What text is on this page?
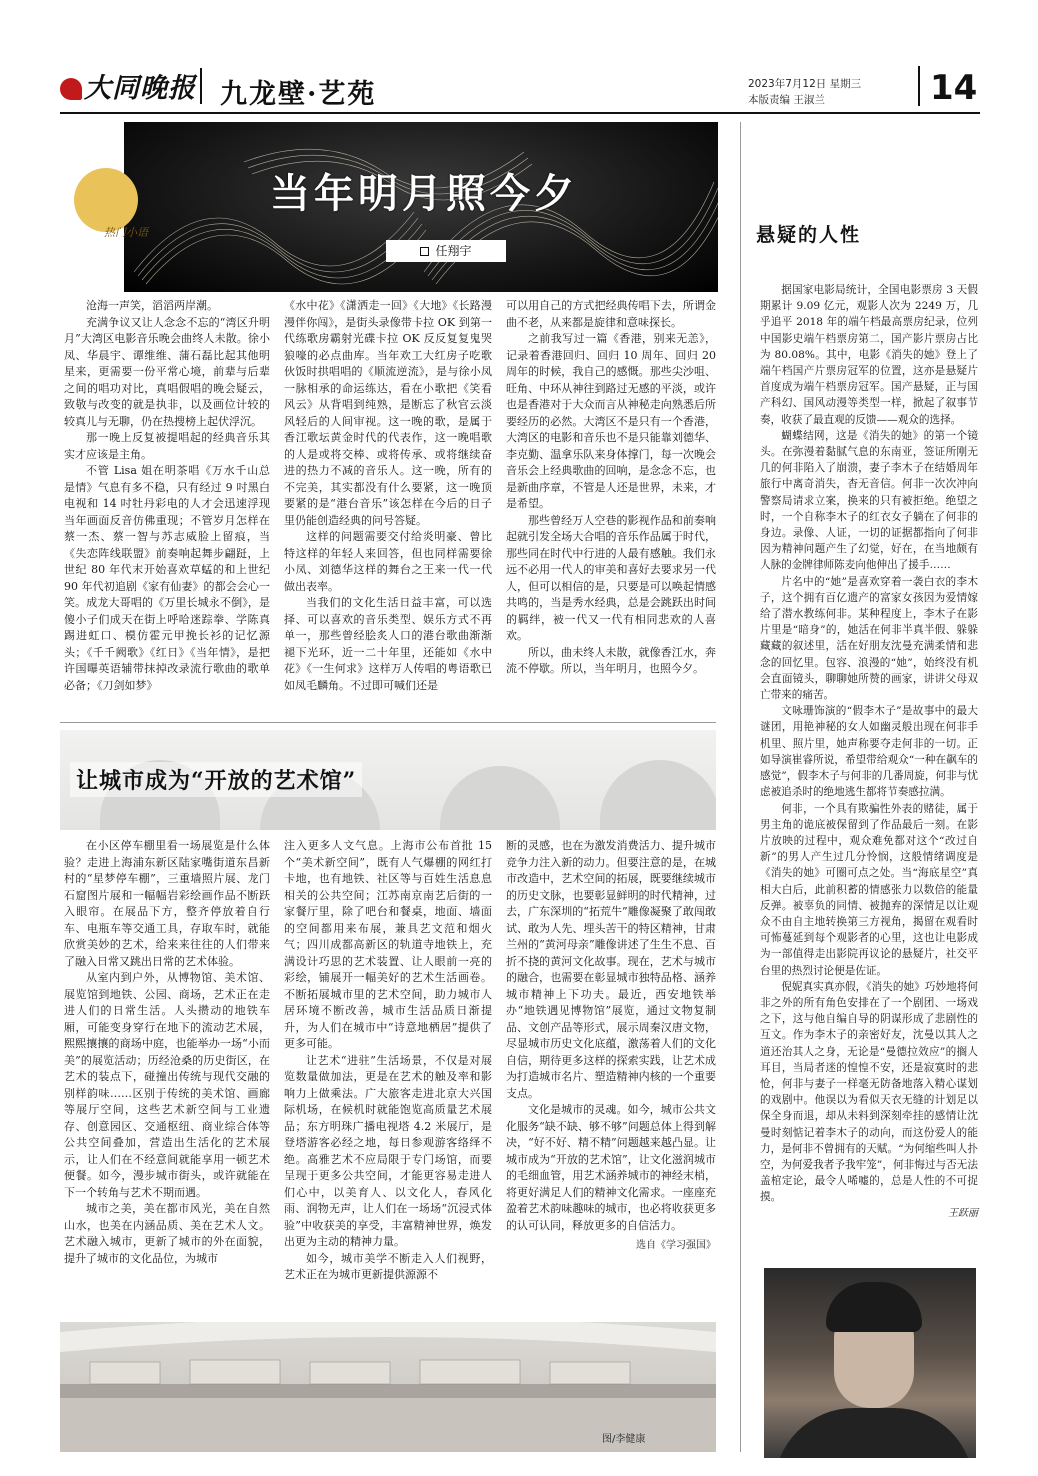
大同晚报 九龙壁·艺苑	2023年7月12日 星期三
本版责编 王淑兰	14
当年明月照今夕
任翔宇
热门小语

沧海一声笑，滔滔两岸潮。

充满争议又让人念念不忘的“湾区升明月”大湾区电影音乐晚会曲终人未散。徐小凤、华晨宇、谭维维、蒲石磊比起其他明星来，更需要一份平常心境，前辈与后辈之间的唱功对比，真唱假唱的晚会疑云，致敬与改变的就是执非，以及画位计较的较真儿与无聊，仍在热搜榜上起伏浮沉。

那一晚上反复被提唱起的经典音乐其实才应该是主角。

不管 Lisa 姐在明茶唱《万水千山总是情》气息有多不稳，只有经过 9 吋黑白电视和 14 吋牡丹彩电的人才会迅速浮现当年画面反音仿佛重现；不管岁月怎样在蔡一杰、蔡一智与苏志威脸上留痕，当《失恋阵线联盟》前奏响起舞步翩跹，上世纪 80 年代末开始喜欢草蜢的和上世纪 90 年代初追剧《家有仙妻》的都会会心一笑。成龙大哥唱的《万里长城永不倒》，是傻小子们成天在街上呼哈迷踪拳、学陈真踢进虹口、模仿霍元甲挽长衫的记忆源头；《千千阙歌》《红日》《当年情》，是把许国曝英语辅带抹掉改录流行歌曲的歌单必备；《刀剑如梦》

《水中花》《潇洒走一回》《大地》《长路漫漫伴你闯》，是街头录像带卡拉 OK 到第一代练歌房霸射光碟卡拉 OK 反反复复鬼哭狼嚎的必点曲库。当年欢工大红房子吃歌伙饭时拱唱唱的《顺流逆流》，是与徐小凤一脉相承的命运练达，看在小歌把《笑看风云》从背唱到纯熟，是断忘了秋官云淡风轻后的人间审视。这一晚的歌，是属于香江歌坛黄金时代的代表作，这一晚唱歌的人是或将交棒、或将传承、或将继续奋进的热力不减的音乐人。这一晚，所有的不完美，其实都没有什么要紧，这一晚顶要紧的是“港台音乐”该怎样在今后的日子里仍能创造经典的问号答疑。

这样的问题需要交付给炎明豪、曾比特这样的年轻人来回答，但也同样需要徐小凤、刘德华这样的舞台之王来一代一代做出表率。

当我们的文化生活日益丰富，可以选择、可以喜欢的音乐类型、娱乐方式不再单一，那些曾经脍炙人口的港台歌曲渐渐褪下光环，近一二十年里，还能如《水中花》《一生何求》这样万人传唱的粤语歌已如凤毛麟角。不过即可喊们还是

可以用自己的方式把经典传唱下去，所谓金曲不老，从来都是旋律和意味探长。

之前我写过一篇《香港，别来无恙》，记录着香港回归、回归 10 周年、回归 20 周年的时候，我自己的感慨。那些尖沙咀、旺角、中环从神往到路过无感的平淡，或许也是香港对于大众而言从神秘走向熟悉后所要经历的必然。大湾区不是只有一个香港，大湾区的电影和音乐也不是只能靠刘德华、李克勤、温拿乐队来身体撑门，每一次晚会音乐会上经典歌曲的回响，是念念不忘，也是新曲序章，不管是人还是世界，未来，才是希望。

那些曾经万人空巷的影视作品和前奏响起就引发全场大合唱的音乐作品属于时代，那些同在时代中行进的人最有感触。我们永远不必用一代人的审美和喜好去要求另一代人，但可以相信的是，只要是可以唤起情感共鸣的，当是秀水经典，总是会跳跃出时间的羁绊，被一代又一代有相同悲欢的人喜欢。

所以，曲未终人未散，就像香江水，奔流不停歇。所以，当年明月，也照今夕。

让城市成为“开放的艺术馆”

在小区停车棚里看一场展览是什么体验？走进上海浦东新区陆家嘴街道东昌新村的“星梦停车棚”，三重墙照片展、龙门石窟图片展和一幅幅岩彩绘画作品不断跃入眼帘。在展品下方，整齐停放着自行车、电瓶车等交通工具，存取车时，就能欣赏美妙的艺术，给来来往往的人们带来了融入日常又跳出日常的艺术体验。

从室内到户外，从博物馆、美术馆、展览馆到地铁、公园、商场，艺术正在走进人们的日常生活。人头攒动的地铁车厢，可能变身穿行在地下的流动艺术展，熙熙攘攘的商场中庭，也能举办一场“小而美”的展览活动；历经沧桑的历史街区，在艺术的装点下，碰撞出传统与现代交融的别样韵味……区别于传统的美术馆、画廊等展厅空间，这些艺术新空间与工业遗存、创意园区、交通枢纽、商业综合体等公共空间叠加，营造出生活化的艺术展示，让人们在不经意间就能享用一顿艺术便餐。如今，漫步城市街头，或许就能在下一个转角与艺术不期而遇。

城市之美，美在都市风光，美在自然山水，也美在内涵品质、美在艺术人文。艺术融入城市，更新了城市的外在面貌，提升了城市的文化品位，为城市

注入更多人文气息。上海市公布首批 15 个“美术新空间”，既有人气爆棚的网红打卡地，也有地铁、社区等与百姓生活息息相关的公共空间；江苏南京南艺后街的一家餐厅里，除了吧台和餐桌，地面、墙面的空间都用来布展，兼具艺文范和烟火气；四川成都高新区的轨道寺地铁上，充满设计巧思的艺术装置、让人眼前一亮的彩绘，铺展开一幅美好的艺术生活画卷。不断拓展城市里的艺术空间，助力城市人居环境不断改善，城市生活品质日渐提升，为人们在城市中“诗意地栖居”提供了更多可能。

让艺术“进驻”生活场景，不仅是对展览数量做加法，更是在艺术的触及率和影响力上做乘法。广大旅客走进北京大兴国际机场，在候机时就能饱览高质量艺术展品；东方明珠广播电视塔 4.2 米展厅，是登塔游客必经之地，每日参观游客络绎不绝。高雅艺术不应局限于专门场馆，而要呈现于更多公共空间，才能更容易走进人们心中，以美育人、以文化人，春风化雨、润物无声，让人们在一场场“沉浸式体验”中收获美的享受，丰富精神世界，焕发出更为主动的精神力量。

如今，城市美学不断走入人们视野，艺术正在为城市更新提供源源不

断的灵感，也在为激发消费活力、提升城市竞争力注入新的动力。但要注意的是，在城市改造中，艺术空间的拓展，既要继续城市的历史文脉，也要彰显鲜明的时代精神，过去，广东深圳的“拓荒牛”雕像凝聚了敢闯敢试、敢为人先、埋头苦干的特区精神，甘肃兰州的“黄河母亲”雕像讲述了生生不息、百折不挠的黄河文化故事。现在，艺术与城市的融合，也需要在彰显城市独特品格、涵养城市精神上下功夫。最近，西安地铁举办“地铁遇见博物馆”展览，通过文物复制品、文创产品等形式，展示周秦汉唐文物，尽显城市历史文化底蕴，激荡着人们的文化自信，期待更多这样的探索实践，让艺术成为打造城市名片、塑造精神内核的一个重要支点。

文化是城市的灵魂。如今，城市公共文化服务“缺不缺、够不够”问题总体上得到解决，“好不好、精不精”问题越来越凸显。让城市成为“开放的艺术馆”，让文化滋润城市的毛细血管，用艺术涵养城市的神经末梢，将更好满足人们的精神文化需求。一座座充盈着艺术韵味趣味的城市，也必将收获更多的认可认同，释放更多的自信活力。

选自《学习强国》
图/李健康
悬疑的人性

据国家电影局统计，全国电影票房 3 天假期累计 9.09 亿元，观影人次为 2249 万，几乎追平 2018 年的端午档最高票房纪录，位列中国影史端午档票房第二，国产影片票房占比为 80.08%。其中，电影《消失的她》登上了端午档国产片票房冠军的位置，这亦是悬疑片首度成为端午档票房冠军。国产悬疑，正与国产科幻、国风动漫等类型一样，掀起了叙事节奏，收获了最直观的反馈——观众的选择。

蝴蝶结网，这是《消失的她》的第一个镜头。在弥漫着黏腻气息的东南亚，签证所刚无几的何非陷入了崩溃，妻子李木子在结婚周年旅行中离奇消失，杳无音信。何非一次次冲向警察局请求立案，换来的只有被拒绝。绝望之时，一个自称李木子的红衣女子躺在了何非的身边。录像、人证，一切的证据都指向了何非因为精神问题产生了幻觉，好在，在当地颇有人脉的金牌律师陈麦向他伸出了援手……

片名中的“她”是喜欢穿着一袭白衣的李木子，这个拥有百亿遗产的富家女孩因为爱情嫁给了潜水教练何非。某种程度上，李木子在影片里是“暗身”的，她活在何非半真半假、躲躲藏藏的叙述里，活在好朋友沈曼充满柔情和悲念的回忆里。包容、浪漫的“她”，始终没有机会直面镜头，聊聊她所赞的画家，讲讲父母双亡带来的痛苦。

文咏珊饰演的“假李木子”是故事中的最大谜团，用艳神秘的女人如幽灵般出现在何非手机里、照片里，她声称要夺走何非的一切。正如导演崔睿所说，希望带给观众“一种在飙车的感觉”，假李木子与何非的几番周旋，何非与忧虑被追杀时的绝地逃生都将节奏感拉满。

何非，一个具有欺骗性外表的赌徒，属于男主角的诡底被保留到了作品最后一刻。在影片放映的过程中，观众难免都对这个“改过自新”的男人产生过几分怜悯，这般情绪调度是《消失的她》可圈可点之处。当“海底星空”真相大白后，此前积蓄的情感张力以数倍的能量反弹。被辜负的同情、被抛弃的深情足以让观众不由自主地转换第三方视角，揭留在观看时可怖蔓延到每个观影者的心里，这也让电影成为一部值得走出影院再议论的悬疑片，社交平台里的热烈讨论便是佐证。

倪妮真实真亦假，《消失的她》巧妙地将何非之外的所有角色安排在了一个剧团、一场戏之下，这与他自编自导的阴谋形成了悲剧性的互文。作为李木子的亲密好友，沈曼以其人之道还治其人之身，无论是“曼德拉效应”的搁人耳目，当局者迷的惶惶不安，还是寂寞时的悲怆，何非与妻子一样毫无防备地落入精心谋划的戏剧中。他误以为看似天衣无缝的计划足以保全身而退，却从未料到深刻牵挂的感情让沈曼时刻惦记着李木子的动向，而这份爱人的能力，是何非不曾拥有的天赋。“为何缩些叫人扑空，为何爱我者予我牢笼”，何非悔过与否无法盖棺定论，最令人唏嘘的，总是人性的不可捉摸。

王跃丽
